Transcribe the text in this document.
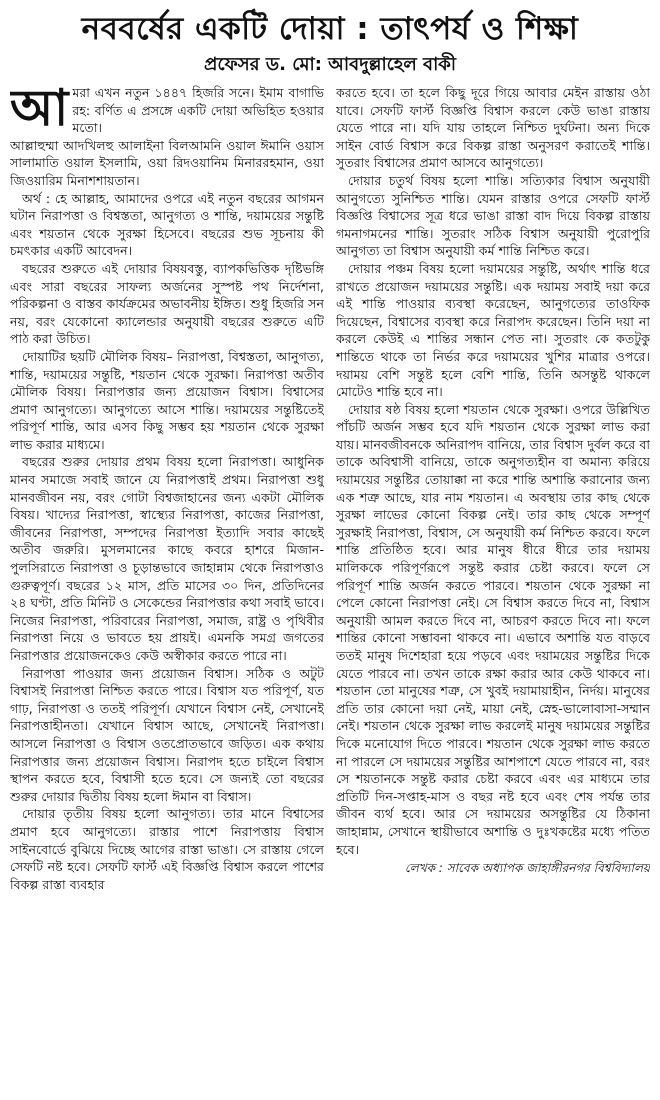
নববর্ষের একটি দোয়া : তাৎপর্য ও শিক্ষা
প্রফেসর ড. মো: আবদুল্লাহেল বাকী

আমরা এখন নতুন ১৪৪৭ হিজরি সনে। ইমাম বাগাভি রহ: বর্ণিত এ প্রসঙ্গে একটি দোয়া অভিহিত হওয়ার মতো।

আল্লাহুম্মা আদখিলহু আলাইনা বিলআমনি ওয়াল ঈমানি ওয়াস সালামাতি ওয়াল ইসলামি, ওয়া রিদওয়ানিম মিনাররহমান, ওয়া জিওয়ারিম মিনাশশায়তান।

অর্থ : হে আল্লাহ, আমাদের ওপরে এই নতুন বছরের আগমন ঘটান নিরাপত্তা ও বিশ্বস্ততা, আনুগত্য ও শান্তি, দয়াময়ের সন্তুষ্টি এবং শয়তান থেকে সুরক্ষা হিসেবে। বছরের শুভ সূচনায় কী চমৎকার একটি আবেদন।

বছরের শুরুতে এই দোয়ার বিষয়বস্তু, ব্যাপকভিত্তিক দৃষ্টিভঙ্গি এবং সারা বছরের সাফল্য অর্জনের সুস্পষ্ট পথ নির্দেশনা, পরিকল্পনা ও বাস্তব কার্যক্রমের অভাবনীয় ইঙ্গিত। শুধু হিজরি সন নয়, বরং যেকোনো ক্যালেন্ডার অনুযায়ী বছরের শুরুতে এটি পাঠ করা উচিত।

দোয়াটির ছয়টি মৌলিক বিষয়– নিরাপত্তা, বিশ্বস্ততা, আনুগত্য, শান্তি, দয়াময়ের সন্তুষ্টি, শয়তান থেকে সুরক্ষা। নিরাপত্তা অতীব মৌলিক বিষয়। নিরাপত্তার জন্য প্রয়োজন বিশ্বাস। বিশ্বাসের প্রমাণ আনুগত্যে। আনুগত্যে আসে শান্তি। দয়াময়ের সন্তুষ্টিতেই পরিপূর্ণ শান্তি, আর এসব কিছু সম্ভব হয় শয়তান থেকে সুরক্ষা লাভ করার মাধ্যমে।

বছরের শুরুর দোয়ার প্রথম বিষয় হলো নিরাপত্তা। আধুনিক মানব সমাজে সবাই জানে যে নিরাপত্তাই প্রথম। নিরাপত্তা শুধু মানবজীবন নয়, বরং গোটা বিশ্বজাহানের জন্য একটা মৌলিক বিষয়। খাদ্যের নিরাপত্তা, স্বাস্থ্যের নিরাপত্তা, কাজের নিরাপত্তা, জীবনের নিরাপত্তা, সম্পদের নিরাপত্তা ইত্যাদি সবার কাছেই অতীব জরুরি। মুসলমানের কাছে কবরে হাশরে মিজান-পুলসিরাতে নিরাপত্তা ও চূড়ান্তভাবে জাহান্নাম থেকে নিরাপত্তাও গুরুত্বপূর্ণ। বছরের ১২ মাস, প্রতি মাসের ৩০ দিন, প্রতিদিনের ২৪ ঘণ্টা, প্রতি মিনিট ও সেকেন্ডের নিরাপত্তার কথা সবাই ভাবে। নিজের নিরাপত্তা, পরিবারের নিরাপত্তা, সমাজ, রাষ্ট্র ও পৃথিবীর নিরাপত্তা নিয়ে ও ভাবতে হয় প্রায়ই। এমনকি সমগ্র জগতের নিরাপত্তার প্রয়োজনকেও কেউ অস্বীকার করতে পারে না।

নিরাপত্তা পাওয়ার জন্য প্রয়োজন বিশ্বাস। সঠিক ও অটুট বিশ্বাসই নিরাপত্তা নিশ্চিত করতে পারে। বিশ্বাস যত পরিপূর্ণ, যত গাঢ়, নিরাপত্তা ও ততই পরিপূর্ণ। যেখানে বিশ্বাস নেই, সেখানেই নিরাপত্তাহীনতা। যেখানে বিশ্বাস আছে, সেখানেই নিরাপত্তা। আসলে নিরাপত্তা ও বিশ্বাস ওতপ্রোতভাবে জড়িত। এক কথায় নিরাপত্তার জন্য প্রয়োজন বিশ্বাস। নিরাপদ হতে চাইলে বিশ্বাস স্থাপন করতে হবে, বিশ্বাসী হতে হবে। সে জন্যই তো বছরের শুরুর দোয়ার দ্বিতীয় বিষয় হলো ঈমান বা বিশ্বাস।

দোয়ার তৃতীয় বিষয় হলো আনুগত্য। তার মানে বিশ্বাসের প্রমাণ হবে আনুগত্যে। রাস্তার পাশে নিরাপত্তায় বিশ্বাস সাইনবোর্ডে বুঝিয়ে দিচ্ছে আগের রাস্তা ভাঙা। সে রাস্তায় গেলে সেফটি নষ্ট হবে। সেফটি ফার্স্ট এই বিজ্ঞপ্তি বিশ্বাস করলে পাশের বিকল্প রাস্তা ব্যবহার

করতে হবে। তা হলে কিছু দূরে গিয়ে আবার মেইন রাস্তায় ওঠা যাবে। সেফটি ফার্স্ট বিজ্ঞপ্তি বিশ্বাস করলে কেউ ভাঙা রাস্তায় যেতে পারে না। যদি যায় তাহলে নিশ্চিত দুর্ঘটনা। অন্য দিকে সাইন বোর্ড বিশ্বাস করে বিকল্প রাস্তা অনুসরণ করাতেই শান্তি। সুতরাং বিশ্বাসের প্রমাণ আসবে আনুগত্যে।

দোয়ার চতুর্থ বিষয় হলো শান্তি। সত্যিকার বিশ্বাস অনুযায়ী আনুগত্যে সুনিশ্চিত শান্তি। যেমন রাস্তার ওপরে সেফটি ফার্স্ট বিজ্ঞপ্তি বিশ্বাসের সূত্র ধরে ভাঙা রাস্তা বাদ দিয়ে বিকল্প রাস্তায় গমনাগমনের শান্তি। সুতরাং সঠিক বিশ্বাস অনুযায়ী পুরোপুরি আনুগত্য তা বিশ্বাস অনুযায়ী কর্ম শান্তি নিশ্চিত করে।

দোয়ার পঞ্চম বিষয় হলো দয়াময়ের সন্তুষ্টি, অর্থাৎ শান্তি ধরে রাখতে প্রয়োজন দয়াময়ের সন্তুষ্টি। এক দয়াময় সবাই দয়া করে এই শান্তি পাওয়ার ব্যবস্থা করেছেন, আনুগত্যের তাওফিক দিয়েছেন, বিশ্বাসের ব্যবস্থা করে নিরাপদ করেছেন। তিনি দয়া না করলে কেউই এ শান্তির সন্ধান পেত না। সুতরাং কে কতটুকু শান্তিতে থাকে তা নির্ভর করে দয়াময়ের খুশির মাত্রার ওপরে। দয়াময় বেশি সন্তুষ্ট হলে বেশি শান্তি, তিনি অসন্তুষ্ট থাকলে মোটেও শান্তি হবে না।

দোয়ার ষষ্ঠ বিষয় হলো শয়তান থেকে সুরক্ষা। ওপরে উল্লিখিত পাঁচটি অর্জন সম্ভব হবে যদি শয়তান থেকে সুরক্ষা লাভ করা যায়। মানবজীবনকে অনিরাপদ বানিয়ে, তার বিশ্বাস দুর্বল করে বা তাকে অবিশ্বাসী বানিয়ে, তাকে অনুগত্যহীন বা অমান্য করিয়ে দয়াময়ের সন্তুষ্টির তোয়াক্কা না করে শান্তি অশান্তি করানোর জন্য এক শত্রু আছে, যার নাম শয়তান। এ অবস্থায় তার কাছ থেকে সুরক্ষা লাভের কোনো বিকল্প নেই। তার কাছ থেকে সম্পূর্ণ সুরক্ষাই নিরাপত্তা, বিশ্বাস, সে অনুযায়ী কর্ম নিশ্চিত করবে। ফলে শান্তি প্রতিষ্ঠিত হবে। আর মানুষ ধীরে ধীরে তার দয়াময় মালিককে পরিপূর্ণরূপে সন্তুষ্ট করার চেষ্টা করবে। ফলে সে পরিপূর্ণ শান্তি অর্জন করতে পারবে। শয়তান থেকে সুরক্ষা না পেলে কোনো নিরাপত্তা নেই। সে বিশ্বাস করতে দিবে না, বিশ্বাস অনুযায়ী আমল করতে দিবে না, আচরণ করতে দিবে না। ফলে শান্তির কোনো সম্ভাবনা থাকবে না। এভাবে অশান্তি যত বাড়বে ততই মানুষ দিশেহারা হয়ে পড়বে এবং দয়াময়ের সন্তুষ্টির দিকে যেতে পারবে না। তখন তাকে রক্ষা করার আর কেউ থাকবে না। শয়তান তো মানুষের শত্রু, সে খুবই দয়ামায়াহীন, নির্দয়। মানুষের প্রতি তার কোনো দয়া নেই, মায়া নেই, স্নেহ-ভালোবাসা-সম্মান নেই। শয়তান থেকে সুরক্ষা লাভ করলেই মানুষ দয়াময়ের সন্তুষ্টির দিকে মনোযোগ দিতে পারবে। শয়তান থেকে সুরক্ষা লাভ করতে না পারলে সে দয়াময়ের সন্তুষ্টির আশপাশে যেতে পারবে না, বরং সে শয়তানকে সন্তুষ্ট করার চেষ্টা করবে এবং এর মাধ্যমে তার প্রতিটি দিন-সপ্তাহ-মাস ও বছর নষ্ট হবে এবং শেষ পর্যন্ত তার জীবন ব্যর্থ হবে। আর সে দয়াময়ের অসন্তুষ্টির যে ঠিকানা জাহান্নাম, সেখানে স্থায়ীভাবে অশান্তি ও দুঃখকষ্টের মধ্যে পতিত হবে।

লেখক : সাবেক অধ্যাপক জাহাঙ্গীরনগর বিশ্ববিদ্যালয়
